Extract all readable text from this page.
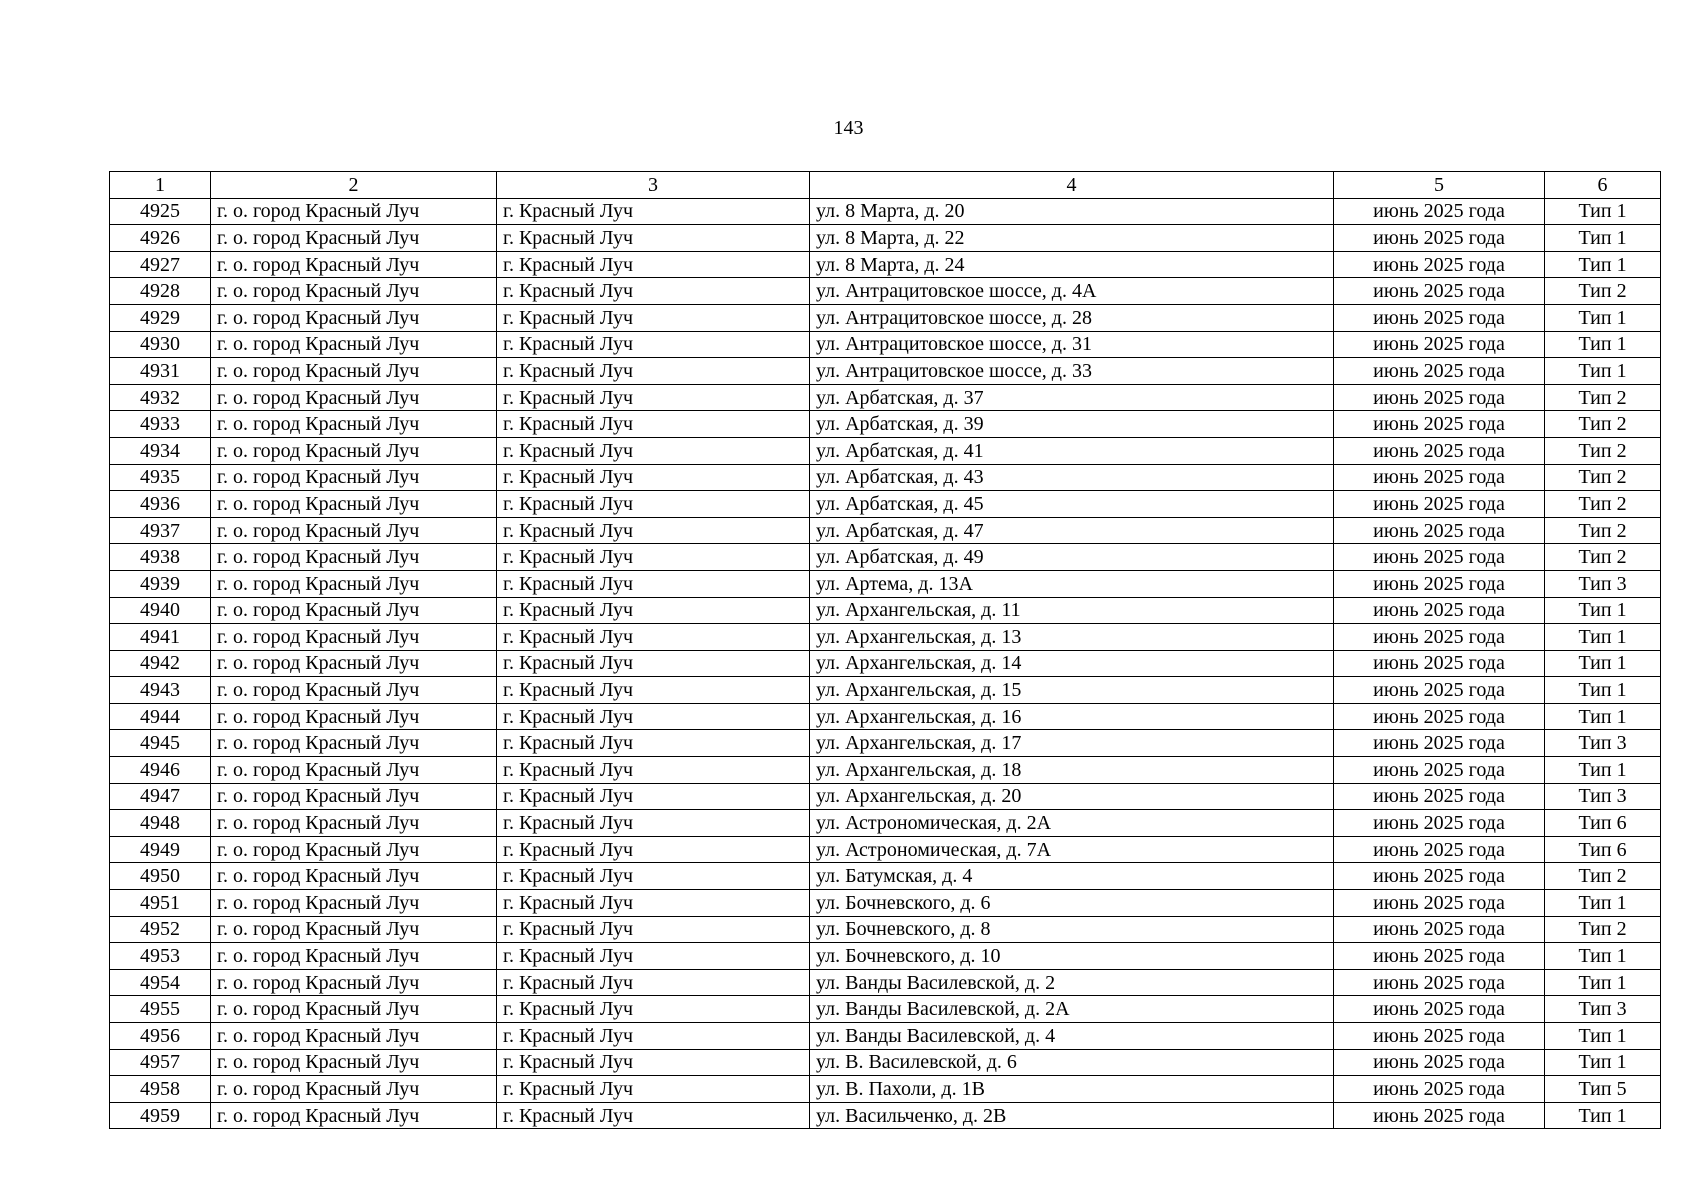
143
1	2	3	4	5	6
4925	г. о. город Красный Луч	г. Красный Луч	ул. 8 Марта, д. 20	июнь 2025 года	Тип 1
4926	г. о. город Красный Луч	г. Красный Луч	ул. 8 Марта, д. 22	июнь 2025 года	Тип 1
4927	г. о. город Красный Луч	г. Красный Луч	ул. 8 Марта, д. 24	июнь 2025 года	Тип 1
4928	г. о. город Красный Луч	г. Красный Луч	ул. Антрацитовское шоссе, д. 4А	июнь 2025 года	Тип 2
4929	г. о. город Красный Луч	г. Красный Луч	ул. Антрацитовское шоссе, д. 28	июнь 2025 года	Тип 1
4930	г. о. город Красный Луч	г. Красный Луч	ул. Антрацитовское шоссе, д. 31	июнь 2025 года	Тип 1
4931	г. о. город Красный Луч	г. Красный Луч	ул. Антрацитовское шоссе, д. 33	июнь 2025 года	Тип 1
4932	г. о. город Красный Луч	г. Красный Луч	ул. Арбатская, д. 37	июнь 2025 года	Тип 2
4933	г. о. город Красный Луч	г. Красный Луч	ул. Арбатская, д. 39	июнь 2025 года	Тип 2
4934	г. о. город Красный Луч	г. Красный Луч	ул. Арбатская, д. 41	июнь 2025 года	Тип 2
4935	г. о. город Красный Луч	г. Красный Луч	ул. Арбатская, д. 43	июнь 2025 года	Тип 2
4936	г. о. город Красный Луч	г. Красный Луч	ул. Арбатская, д. 45	июнь 2025 года	Тип 2
4937	г. о. город Красный Луч	г. Красный Луч	ул. Арбатская, д. 47	июнь 2025 года	Тип 2
4938	г. о. город Красный Луч	г. Красный Луч	ул. Арбатская, д. 49	июнь 2025 года	Тип 2
4939	г. о. город Красный Луч	г. Красный Луч	ул. Артема, д. 13А	июнь 2025 года	Тип 3
4940	г. о. город Красный Луч	г. Красный Луч	ул. Архангельская, д. 11	июнь 2025 года	Тип 1
4941	г. о. город Красный Луч	г. Красный Луч	ул. Архангельская, д. 13	июнь 2025 года	Тип 1
4942	г. о. город Красный Луч	г. Красный Луч	ул. Архангельская, д. 14	июнь 2025 года	Тип 1
4943	г. о. город Красный Луч	г. Красный Луч	ул. Архангельская, д. 15	июнь 2025 года	Тип 1
4944	г. о. город Красный Луч	г. Красный Луч	ул. Архангельская, д. 16	июнь 2025 года	Тип 1
4945	г. о. город Красный Луч	г. Красный Луч	ул. Архангельская, д. 17	июнь 2025 года	Тип 3
4946	г. о. город Красный Луч	г. Красный Луч	ул. Архангельская, д. 18	июнь 2025 года	Тип 1
4947	г. о. город Красный Луч	г. Красный Луч	ул. Архангельская, д. 20	июнь 2025 года	Тип 3
4948	г. о. город Красный Луч	г. Красный Луч	ул. Астрономическая, д. 2А	июнь 2025 года	Тип 6
4949	г. о. город Красный Луч	г. Красный Луч	ул. Астрономическая, д. 7А	июнь 2025 года	Тип 6
4950	г. о. город Красный Луч	г. Красный Луч	ул. Батумская, д. 4	июнь 2025 года	Тип 2
4951	г. о. город Красный Луч	г. Красный Луч	ул. Бочневского, д. 6	июнь 2025 года	Тип 1
4952	г. о. город Красный Луч	г. Красный Луч	ул. Бочневского, д. 8	июнь 2025 года	Тип 2
4953	г. о. город Красный Луч	г. Красный Луч	ул. Бочневского, д. 10	июнь 2025 года	Тип 1
4954	г. о. город Красный Луч	г. Красный Луч	ул. Ванды Василевской, д. 2	июнь 2025 года	Тип 1
4955	г. о. город Красный Луч	г. Красный Луч	ул. Ванды Василевской, д. 2А	июнь 2025 года	Тип 3
4956	г. о. город Красный Луч	г. Красный Луч	ул. Ванды Василевской, д. 4	июнь 2025 года	Тип 1
4957	г. о. город Красный Луч	г. Красный Луч	ул. В. Василевской, д. 6	июнь 2025 года	Тип 1
4958	г. о. город Красный Луч	г. Красный Луч	ул. В. Пахоли, д. 1В	июнь 2025 года	Тип 5
4959	г. о. город Красный Луч	г. Красный Луч	ул. Васильченко, д. 2В	июнь 2025 года	Тип 1
